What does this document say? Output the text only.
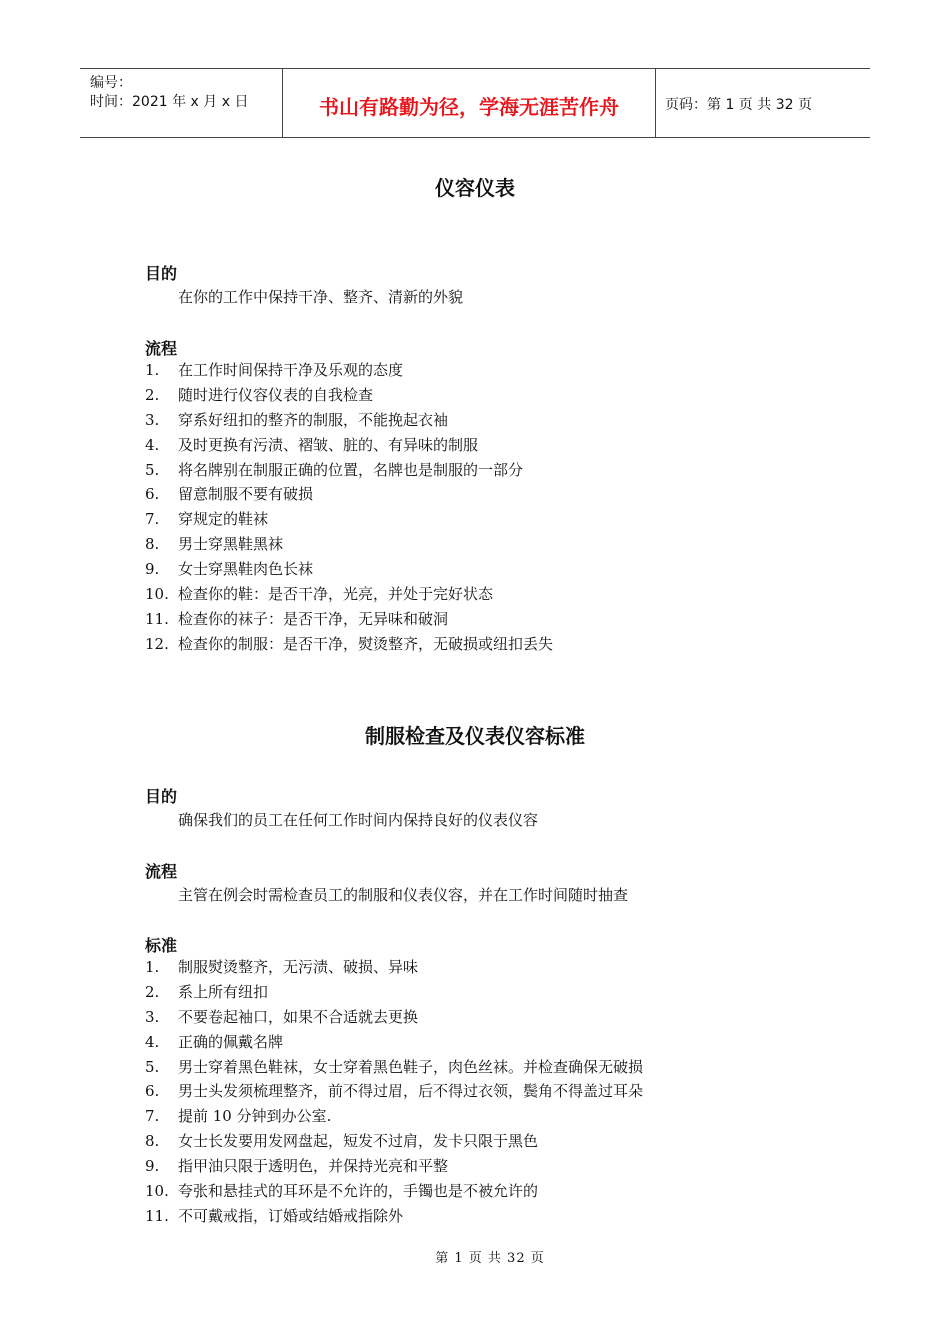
编号：
时间：2021 年 x 月 x 日	书山有路勤为径，学海无涯苦作舟	页码：第 1 页 共 32 页
仪容仪表

目的

在你的工作中保持干净、整齐、清新的外貌

流程

1. 在工作时间保持干净及乐观的态度
2. 随时进行仪容仪表的自我检查
3. 穿系好纽扣的整齐的制服，不能挽起衣袖
4. 及时更换有污渍、褶皱、脏的、有异味的制服
5. 将名牌别在制服正确的位置，名牌也是制服的一部分
6. 留意制服不要有破损
7. 穿规定的鞋袜
8. 男士穿黑鞋黑袜
9. 女士穿黑鞋肉色长袜
10. 检查你的鞋：是否干净，光亮，并处于完好状态
11. 检查你的袜子：是否干净，无异味和破洞
12. 检查你的制服：是否干净，熨烫整齐，无破损或纽扣丢失
制服检查及仪表仪容标准

目的

确保我们的员工在任何工作时间内保持良好的仪表仪容

流程

主管在例会时需检查员工的制服和仪表仪容，并在工作时间随时抽查

标准

1. 制服熨烫整齐，无污渍、破损、异味
2. 系上所有纽扣
3. 不要卷起袖口，如果不合适就去更换
4. 正确的佩戴名牌
5. 男士穿着黑色鞋袜，女士穿着黑色鞋子，肉色丝袜。并检查确保无破损
6. 男士头发须梳理整齐，前不得过眉，后不得过衣领，鬓角不得盖过耳朵
7. 提前 10 分钟到办公室.
8. 女士长发要用发网盘起，短发不过肩，发卡只限于黑色
9. 指甲油只限于透明色，并保持光亮和平整
10. 夸张和悬挂式的耳环是不允许的，手镯也是不被允许的
11. 不可戴戒指，订婚或结婚戒指除外
第 1 页 共 32 页
